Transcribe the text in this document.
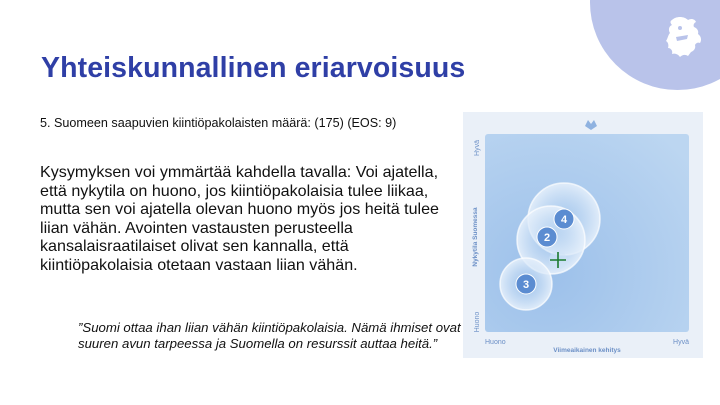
Yhteiskunnallinen eriarvoisuus
5. Suomeen saapuvien kiintiöpakolaisten määrä: (175) (EOS: 9)
Kysymyksen voi ymmärtää kahdella tavalla: Voi ajatella, että nykytila on huono, jos kiintiöpakolaisia tulee liikaa, mutta sen voi ajatella olevan huono myös jos heitä tulee liian vähän. Avointen vastausten perusteella kansalaisraatilaiset olivat sen kannalla, että kiintiöpakolaisia otetaan vastaan liian vähän.
”Suomi ottaa ihan liian vähän kiintiöpakolaisia. Nämä ihmiset ovat suuren avun tarpeessa ja Suomella on resurssit auttaa heitä.”
4
2
3
Huono
Viimeaikainen kehitys
Hyvä
Hyvä
Nykytila Suomessa
Huono
